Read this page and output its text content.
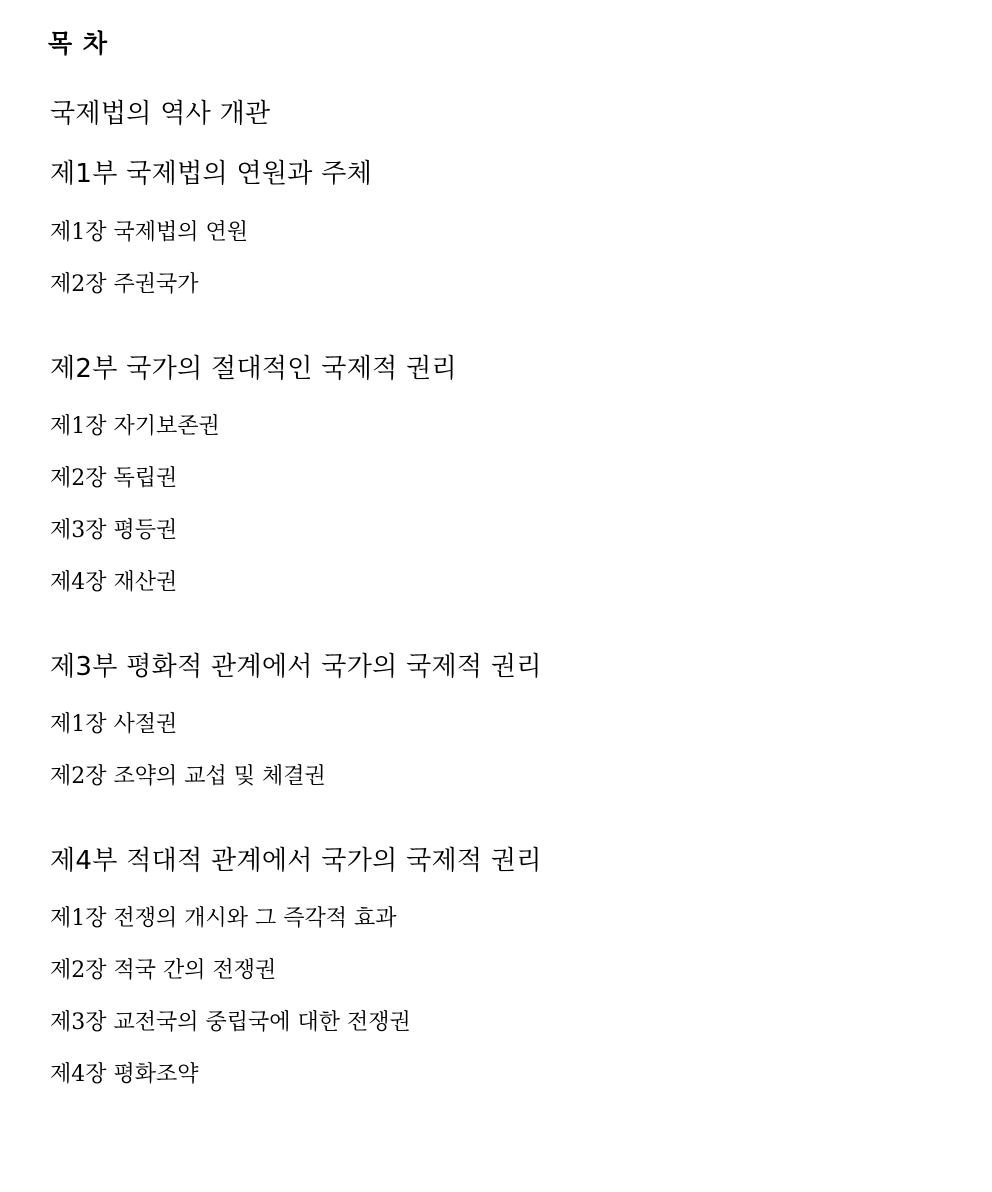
목 차
국제법의 역사 개관
제1부 국제법의 연원과 주체
제1장 국제법의 연원
제2장 주권국가
제2부 국가의 절대적인 국제적 권리
제1장 자기보존권
제2장 독립권
제3장 평등권
제4장 재산권
제3부 평화적 관계에서 국가의 국제적 권리
제1장 사절권
제2장 조약의 교섭 및 체결권
제4부 적대적 관계에서 국가의 국제적 권리
제1장 전쟁의 개시와 그 즉각적 효과
제2장 적국 간의 전쟁권
제3장 교전국의 중립국에 대한 전쟁권
제4장 평화조약
